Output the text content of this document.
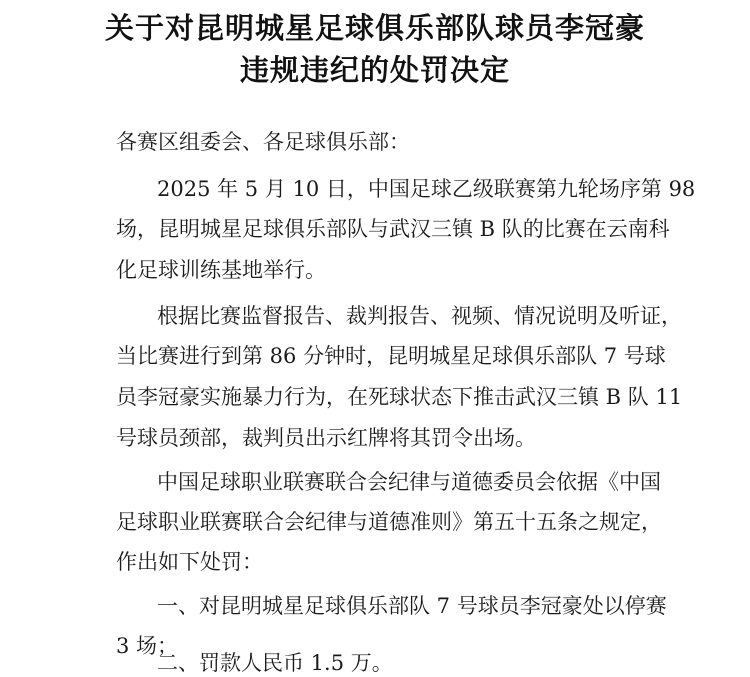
关于对昆明城星足球俱乐部队球员李冠豪
违规违纪的处罚决定
各赛区组委会、各足球俱乐部：
2025 年 5 月 10 日，中国足球乙级联赛第九轮场序第 98
场，昆明城星足球俱乐部队与武汉三镇 B 队的比赛在云南科
化足球训练基地举行。
根据比赛监督报告、裁判报告、视频、情况说明及听证，
当比赛进行到第 86 分钟时，昆明城星足球俱乐部队 7 号球
员李冠豪实施暴力行为，在死球状态下推击武汉三镇 B 队 11
号球员颈部，裁判员出示红牌将其罚令出场。
中国足球职业联赛联合会纪律与道德委员会依据《中国
足球职业联赛联合会纪律与道德准则》第五十五条之规定，
作出如下处罚：
一、对昆明城星足球俱乐部队 7 号球员李冠豪处以停赛
3 场；
二、罚款人民币 1.5 万。
